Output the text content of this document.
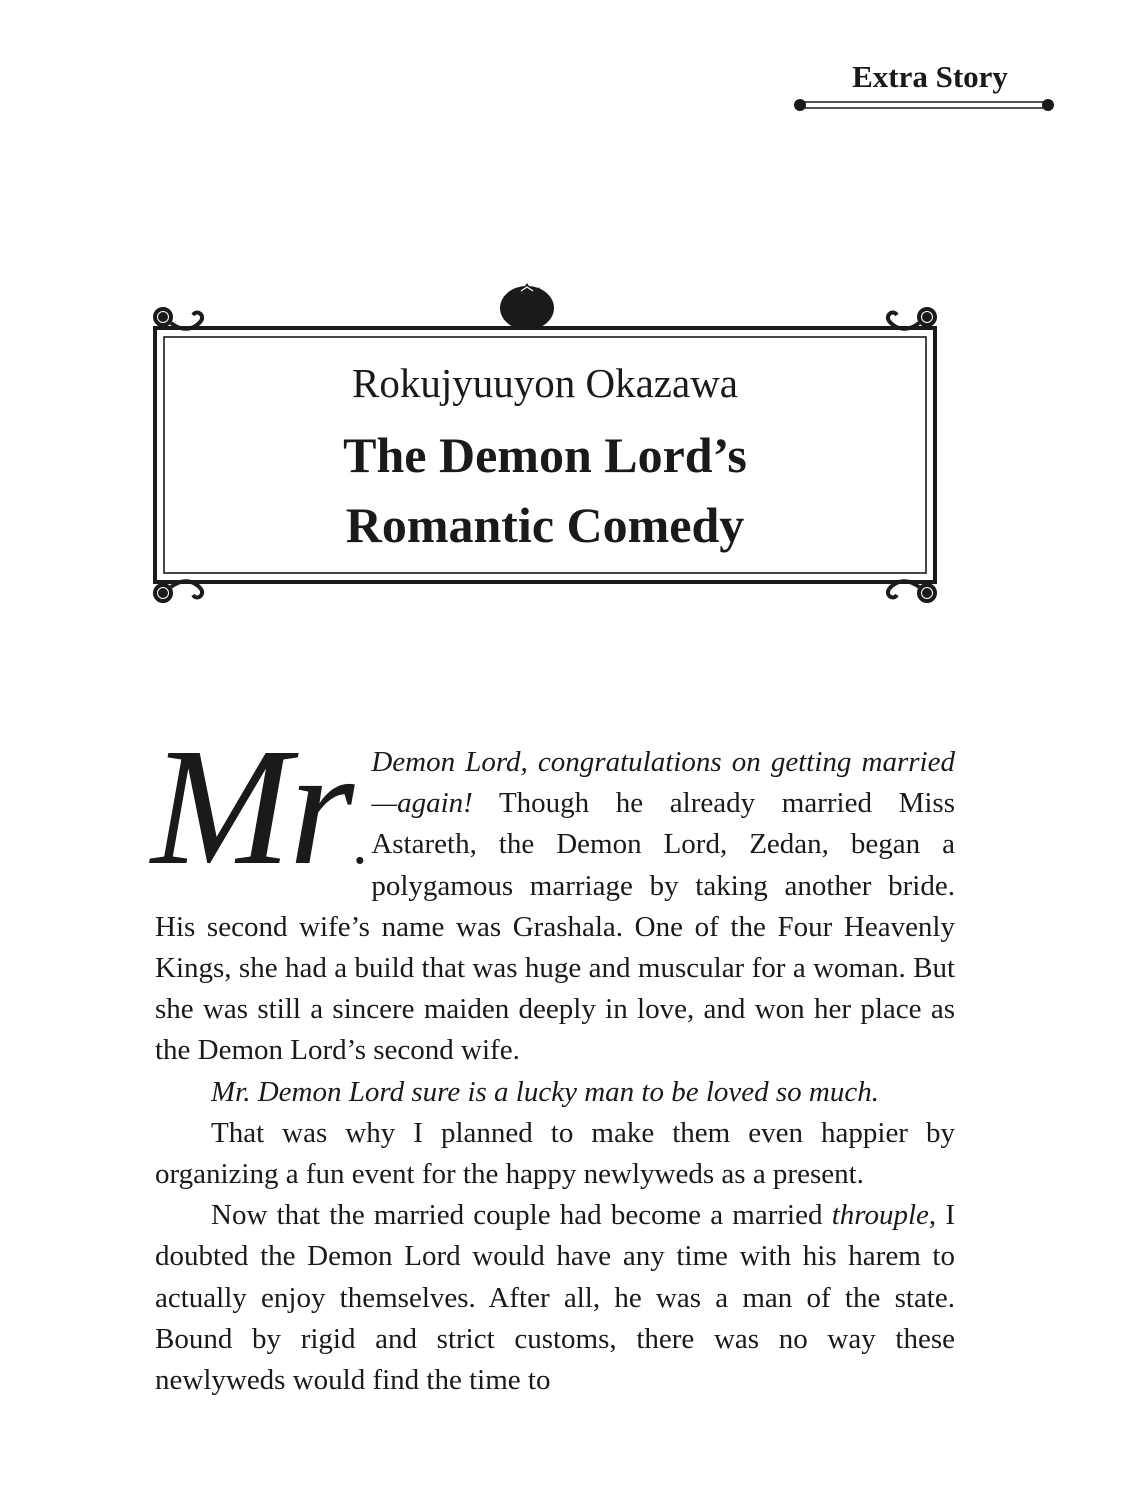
Extra Story
Rokujyuuyon Okazawa
The Demon Lord’s
Romantic Comedy

Mr.
Demon Lord, congratulations on getting married—again! Though he already married Miss Astareth, the Demon Lord, Zedan, began a polygamous marriage by taking another bride. His second wife’s name was Grashala. One of the Four Heavenly Kings, she had a build that was huge and muscular for a woman. But she was still a sincere maiden deeply in love, and won her place as the Demon Lord’s second wife.

Mr. Demon Lord sure is a lucky man to be loved so much.

That was why I planned to make them even happier by organizing a fun event for the happy newlyweds as a present.

Now that the married couple had become a married throuple, I doubted the Demon Lord would have any time with his harem to actually enjoy themselves. After all, he was a man of the state. Bound by rigid and strict customs, there was no way these newlyweds would find the time to
